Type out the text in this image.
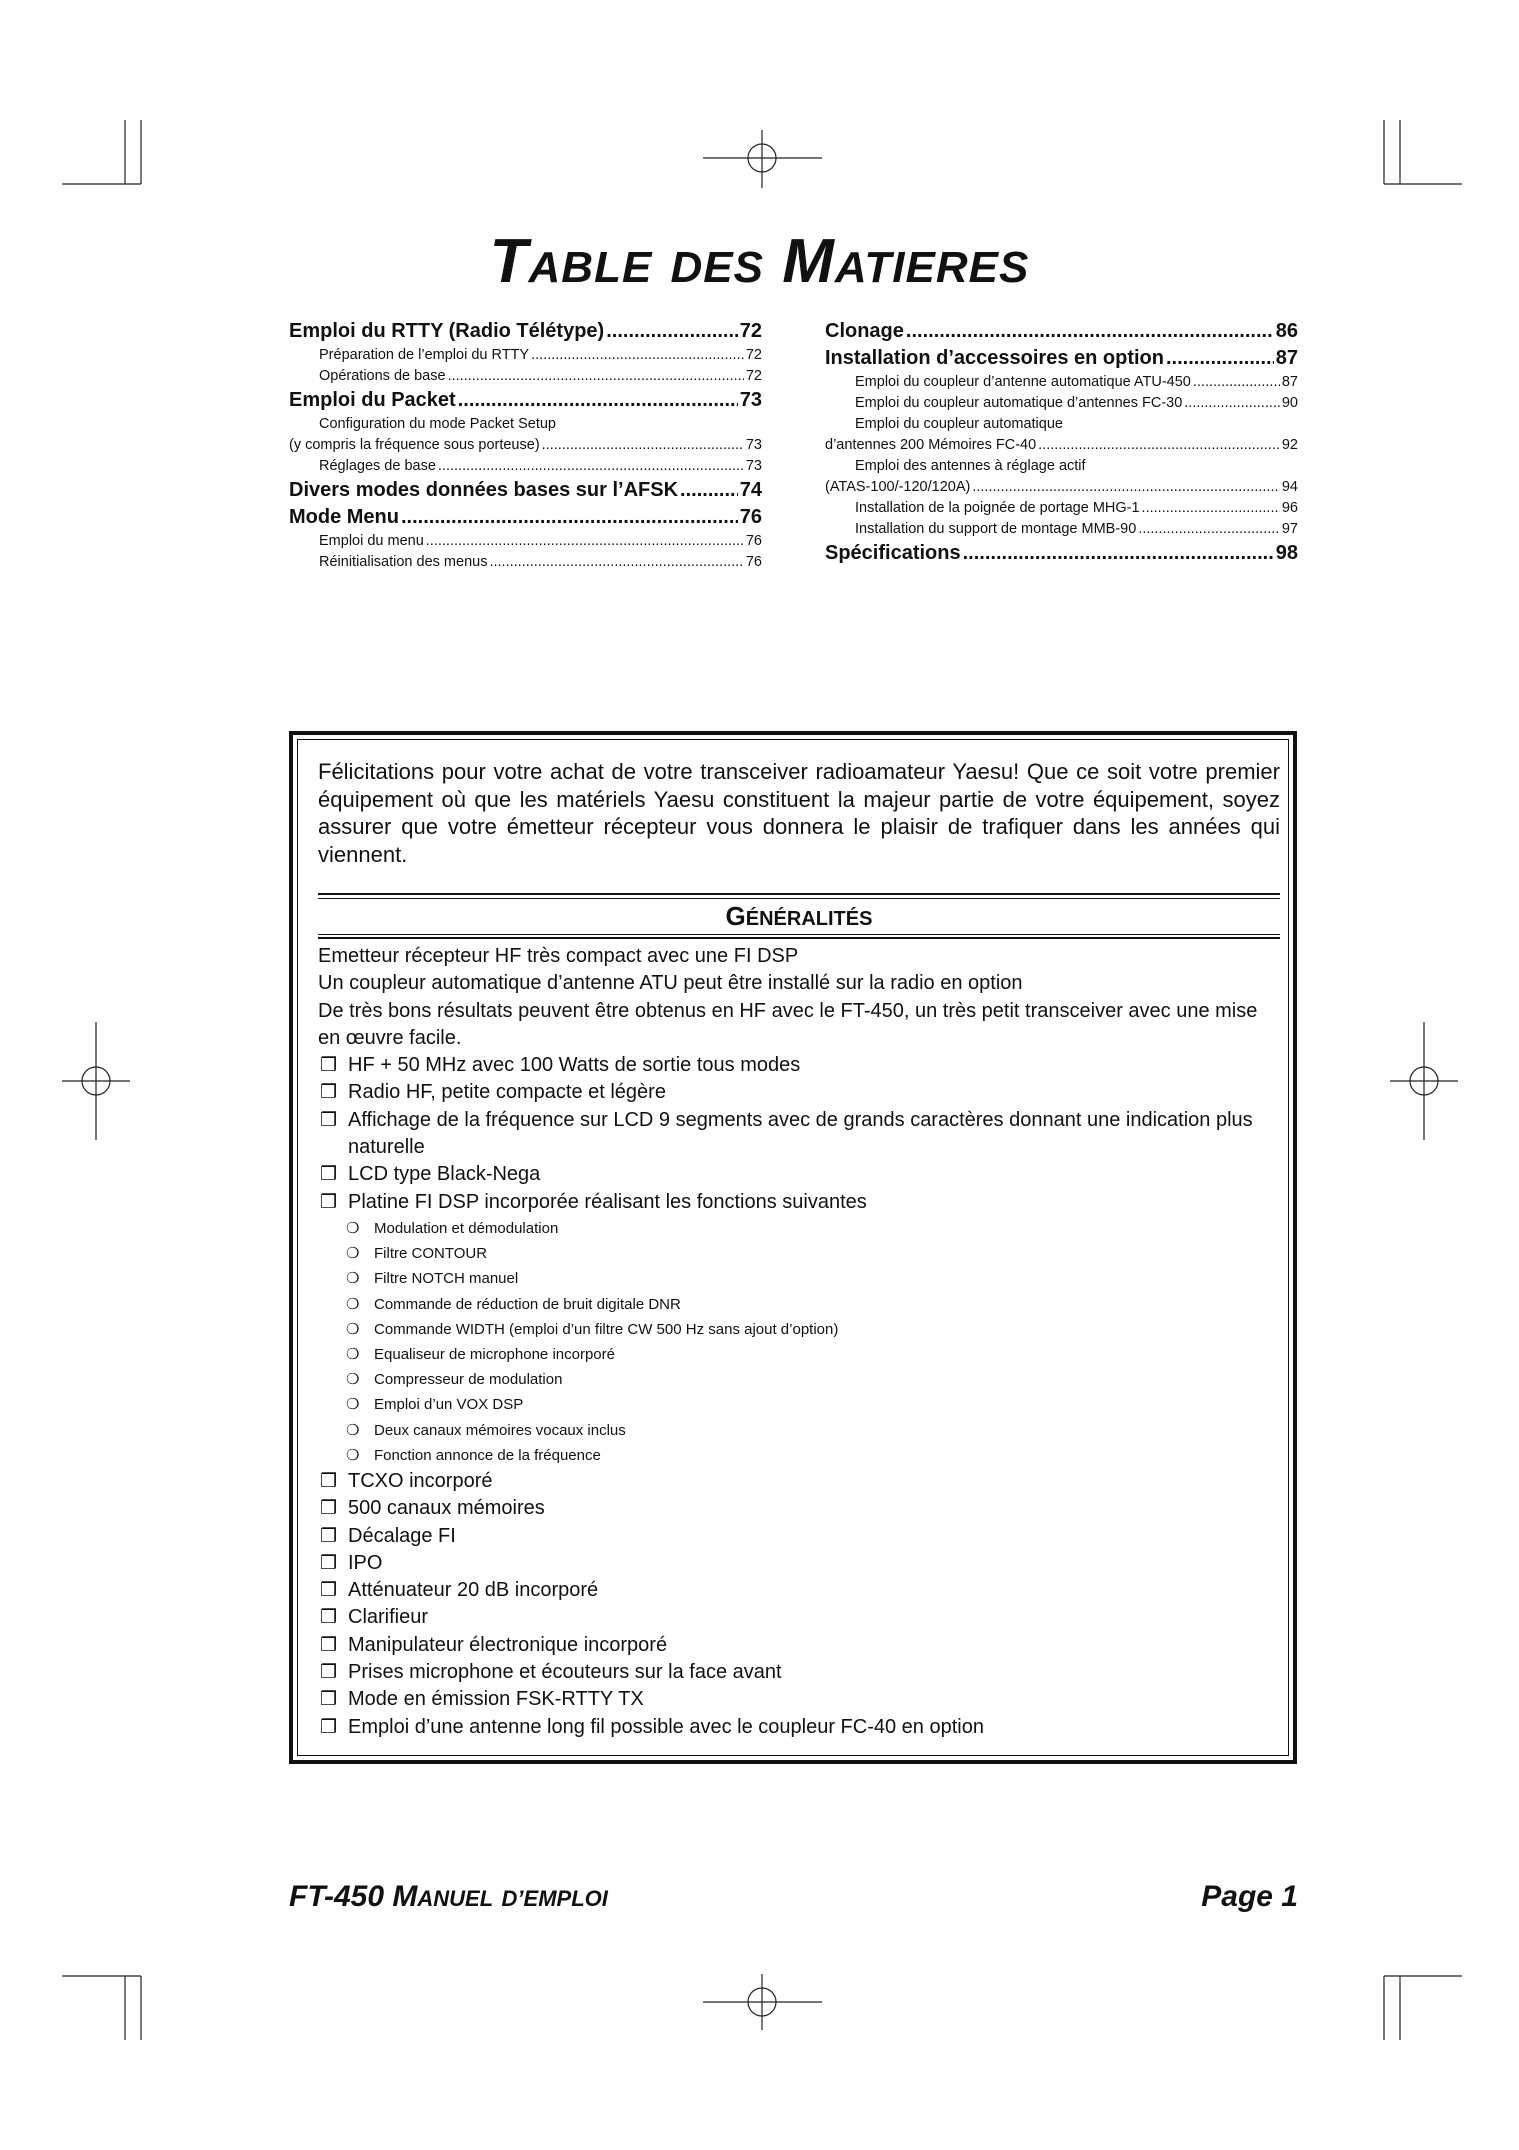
TABLE DES MATIERES
Emploi du RTTY (Radio Télétype) .....	72
Préparation de l’emploi du RTTY .....	72
Opérations de base .....	72
Emploi du Packet .....	73
Configuration du mode Packet Setup
(y compris la fréquence sous porteuse) .....	73
Réglages de base .....	73
Divers modes données bases sur l’AFSK .....	74
Mode Menu .....	76
Emploi du menu .....	76
Réinitialisation des menus .....	76
Clonage .....	86
Installation d’accessoires en option .....	87
Emploi du coupleur d’antenne automatique ATU-450 .....	87
Emploi du coupleur automatique d’antennes FC-30 .....	90
Emploi du coupleur automatique
d’antennes 200 Mémoires FC-40 .....	92
Emploi des antennes à réglage actif
(ATAS-100/-120/120A) .....	94
Installation de la poignée de portage MHG-1 .....	96
Installation du support de montage MMB-90 .....	97
Spécifications .....	98
Félicitations pour votre achat de votre transceiver radioamateur Yaesu! Que ce soit votre premier équipement où que les matériels Yaesu constituent la majeur partie de votre équipement, soyez assurer que votre émetteur récepteur vous donnera le plaisir de trafiquer dans les années qui viennent.
GÉNÉRALITÉS
Emetteur récepteur HF très compact avec une FI DSP
Un coupleur automatique d’antenne ATU peut être installé sur la radio en option
De très bons résultats peuvent être obtenus en HF avec le FT-450, un très petit transceiver avec une mise en œuvre facile.
❒ HF + 50 MHz avec 100 Watts de sortie tous modes
❒ Radio HF, petite compacte et légère
❒ Affichage de la fréquence sur LCD 9 segments avec de grands caractères donnant une indication plus naturelle
❒ LCD type Black-Nega
❒ Platine FI DSP incorporée réalisant les fonctions suivantes
❍ Modulation et démodulation
❍ Filtre CONTOUR
❍ Filtre NOTCH manuel
❍ Commande de réduction de bruit digitale DNR
❍ Commande WIDTH (emploi d’un filtre CW 500 Hz sans ajout d’option)
❍ Equaliseur de microphone incorporé
❍ Compresseur de modulation
❍ Emploi d’un VOX DSP
❍ Deux canaux mémoires vocaux inclus
❍ Fonction annonce de la fréquence
❒ TCXO incorporé
❒ 500 canaux mémoires
❒ Décalage FI
❒ IPO
❒ Atténuateur 20 dB incorporé
❒ Clarifieur
❒ Manipulateur électronique incorporé
❒ Prises microphone et écouteurs sur la face avant
❒ Mode en émission FSK-RTTY TX
❒ Emploi d’une antenne long fil possible avec le coupleur FC-40 en option
FT-450 MANUEL D’EMPLOI	Page 1
